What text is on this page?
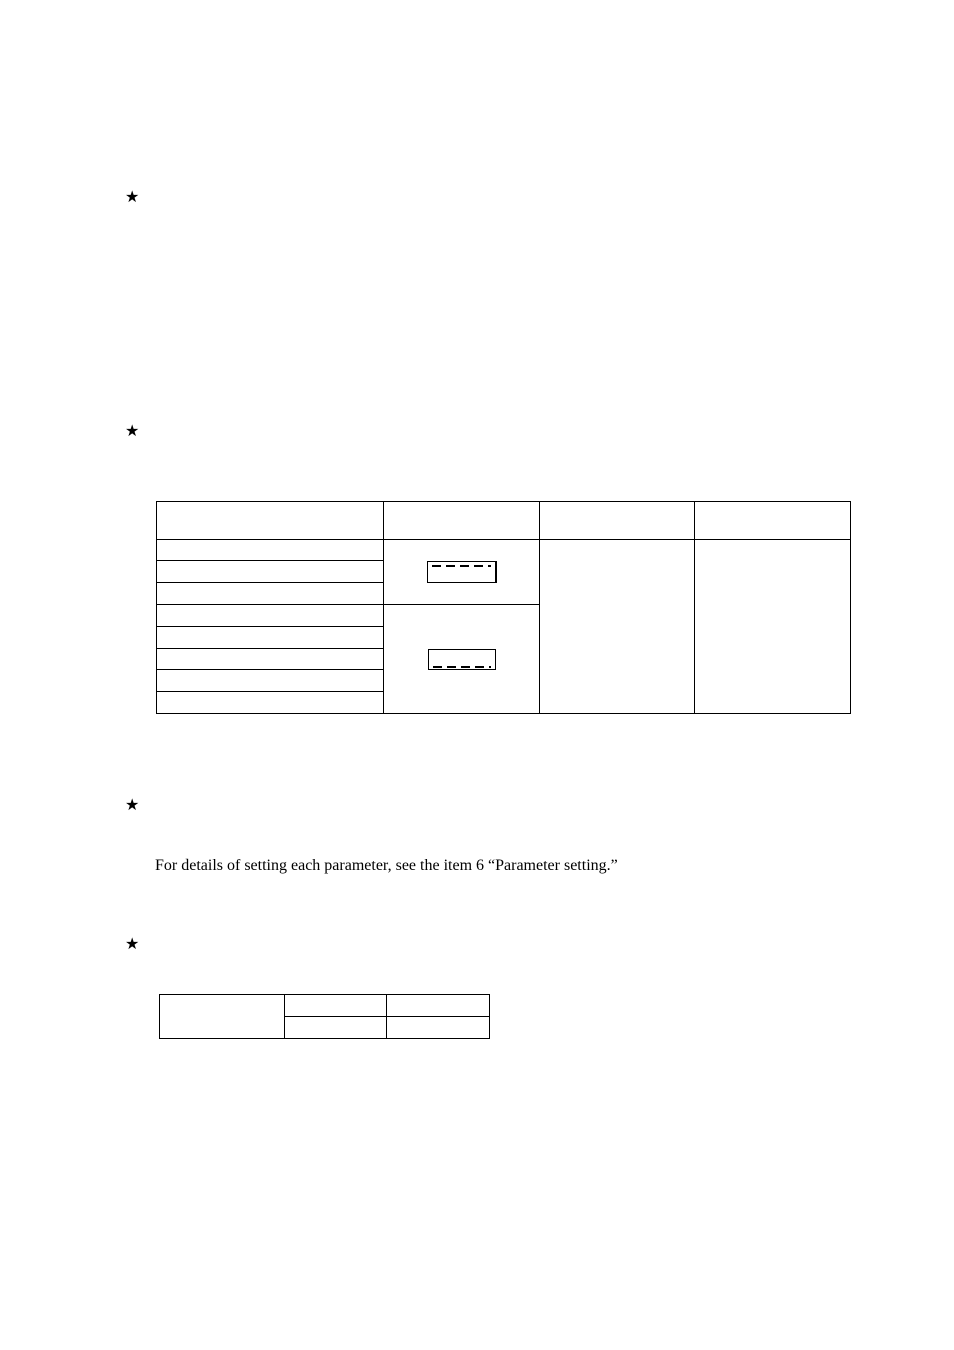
★
★
★
★

For details of setting each parameter, see the item 6 “Parameter setting.”
